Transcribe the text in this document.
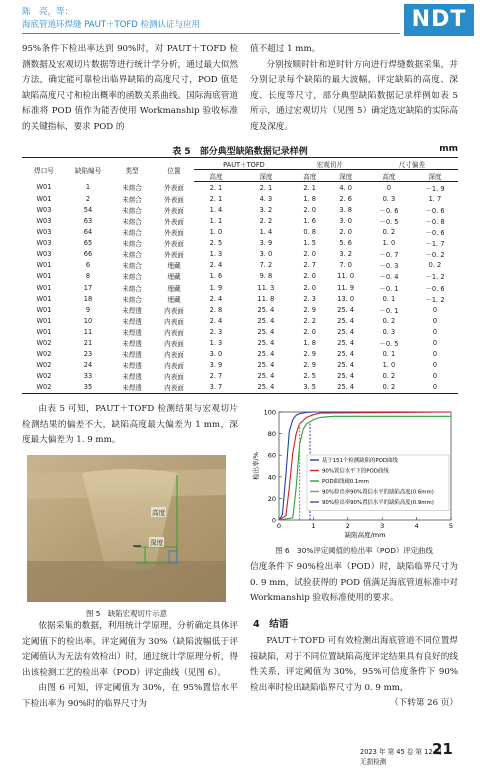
陈　亮，等：
海底管道环焊缝 PAUT＋TOFD 检测认证与应用	NDT

95%条件下检出率达到 90%时，对 PAUT＋TOFD 检测数据及宏观切片数据等进行统计学分析，通过最大似然方法，确定能可靠检出临界缺陷的高度尺寸，POD 值是缺陷高度尺寸和检出概率的函数关系曲线。国际海底管道标准将 POD 值作为能否使用 Workmanship 验收标准的关键指标，要求 POD 的

值不超过 1 mm。

分别按顺时针和逆时针方向进行焊缝数据采集，并分别记录每个缺陷的最大波幅，评定缺陷的高度、深度、长度等尺寸，部分典型缺陷数据记录样例如表 5 所示，通过宏观切片（见图 5）确定选定缺陷的实际高度及深度。

表 5　部分典型缺陷数据记录样例	mm
焊口号	缺陷编号	类型	位置	PAUT＋TOFD		宏观切片		尺寸偏差	
				高度	深度	高度	深度	高度	深度
W01	1	未熔合	外表面	2. 1	2. 1	2. 1	4. 0	0	－1. 9
W01	2	未熔合	外表面	2. 1	4. 3	1. 8	2. 6	0. 3	1. 7
W03	54	未熔合	外表面	1. 4	3. 2	2. 0	3. 8	－0. 6	－0. 6
W03	63	未熔合	外表面	1. 1	2. 2	1. 6	3. 0	－0. 5	－0. 8
W03	64	未熔合	外表面	1. 0	1. 4	0. 8	2. 0	0. 2	－0. 6
W03	65	未熔合	外表面	2. 5	3. 9	1. 5	5. 6	1. 0	－1. 7
W03	66	未熔合	外表面	1. 3	3. 0	2. 0	3. 2	－0. 7	－0. 2
W01	6	未熔合	埋藏	2. 4	7. 2	2. 7	7. 0	－0. 3	0. 2
W01	8	未熔合	埋藏	1. 6	9. 8	2. 0	11. 0	－0. 4	－1. 2
W01	17	未熔合	埋藏	1. 9	11. 3	2. 0	11. 9	－0. 1	－0. 6
W01	18	未熔合	埋藏	2. 4	11. 8	2. 3	13. 0	0. 1	－1. 2
W01	9	未焊透	内表面	2. 8	25. 4	2. 9	25. 4	－0. 1	0
W01	10	未焊透	内表面	2. 4	25. 4	2. 2	25. 4	0. 2	0
W01	11	未焊透	内表面	2. 3	25. 4	2. 0	25. 4	0. 3	0
W02	21	未焊透	内表面	1. 3	25. 4	1. 8	25. 4	－0. 5	0
W02	23	未焊透	内表面	3. 0	25. 4	2. 9	25. 4	0. 1	0
W02	24	未焊透	内表面	3. 9	25. 4	2. 9	25. 4	1. 0	0
W02	33	未焊透	内表面	2. 7	25. 4	2. 5	25. 4	0. 2	0
W02	35	未焊透	内表面	3. 7	25. 4	3. 5	25. 4	0. 2	0

由表 5 可知，PAUT＋TOFD 检测结果与宏观切片检测结果的偏差不大，缺陷高度最大偏差为 1 mm，深度最大偏差为 1. 9 mm。

高度
深度
图 5　缺陷宏观切片示意

依据采集的数据，利用统计学原理，分析确定具体评定阈值下的检出率。评定阈值为 30%（缺陷波幅低于评定阈值认为无法有效检出）时，通过统计学原理分析，得出该检测工艺的检出率（POD）评定曲线（见图 6）。

由图 6 可知，评定阈值为 30%，在 95%置信水平下检出率为 90%时的临界尺寸为

0
20
40
60
80
100
0	1	2	3	4	5
缺陷高度/mm
检出率/%	基于151个检测缺陷的POD曲线
90%置信水平下的POD曲线
POD曲线阈0.1mm
90%检出率90%置信水平的缺陷高度(0.6mm)
90%检出率90%置信水平的缺陷高度(0.9mm)
图 6　30%评定阈值的检出率（POD）评定曲线

信度条件下 90%检出率（POD）时，缺陷临界尺寸为 0. 9 mm，试验获得的 POD 值满足海底管道标准中对 Workmanship 验收标准使用的要求。

4　结语

PAUT＋TOFD 可有效检测出海底管道不同位置焊接缺陷，对于不同位置缺陷高度评定结果具有良好的线性关系，评定阈值为 30%，95%可信度条件下 90%检出率时检出缺陷临界尺寸为 0. 9 mm，

（下转第 26 页）

2023 年 第 45 卷 第 12 期
无损检测
21
